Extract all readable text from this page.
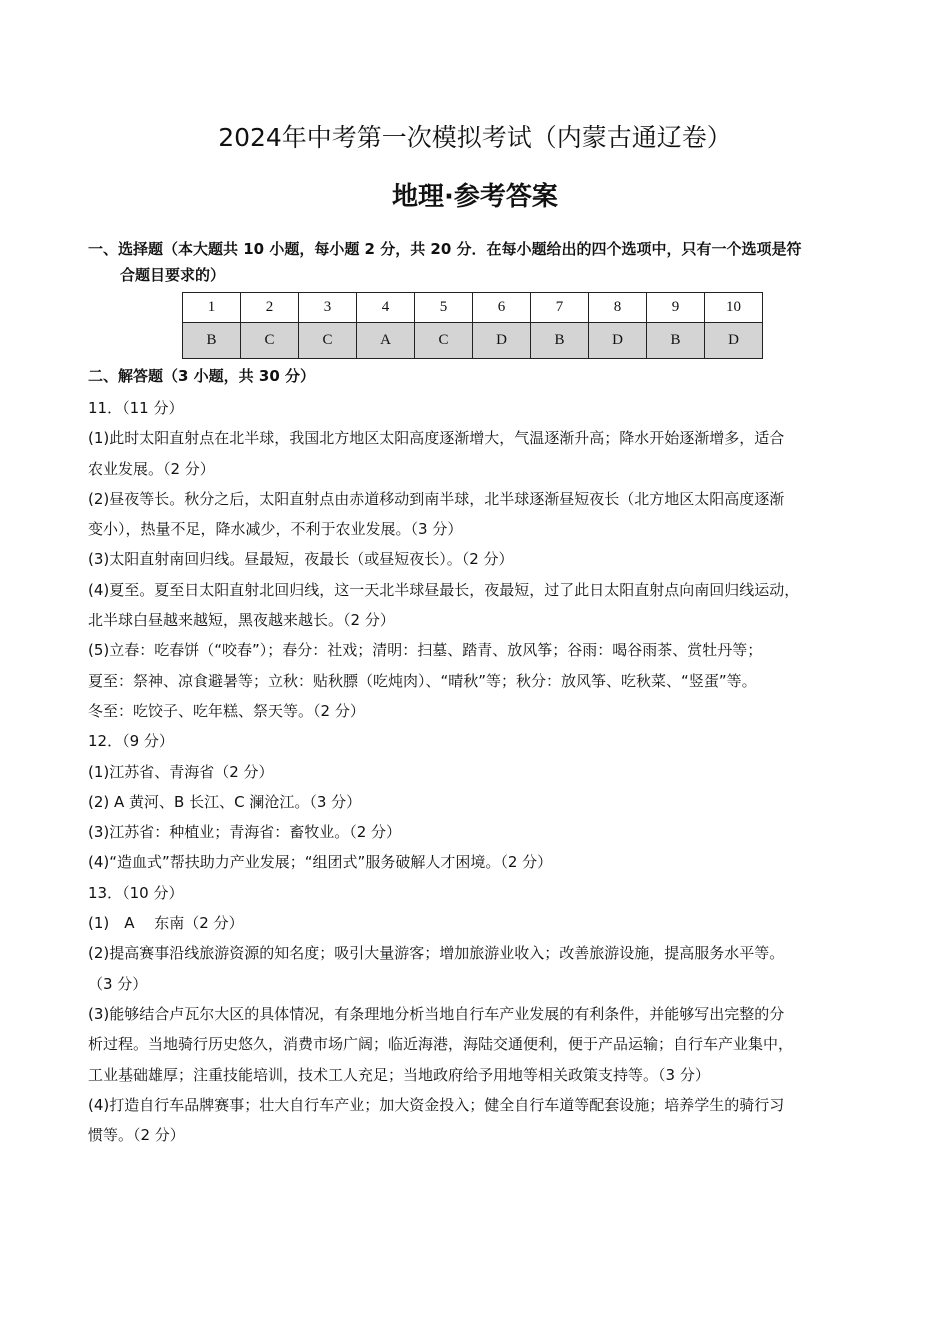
2024年中考第一次模拟考试（内蒙古通辽卷）
地理·参考答案
一、选择题（本大题共 10 小题，每小题 2 分，共 20 分．在每小题给出的四个选项中，只有一个选项是符
合题目要求的）
1	2	3	4	5	6	7	8	9	10
B	C	C	A	C	D	B	D	B	D
二、解答题（3 小题，共 30 分）

11．（11 分）

(1)此时太阳直射点在北半球，我国北方地区太阳高度逐渐增大，气温逐渐升高；降水开始逐渐增多，适合

农业发展。（2 分）

(2)昼夜等长。秋分之后，太阳直射点由赤道移动到南半球，北半球逐渐昼短夜长（北方地区太阳高度逐渐

变小），热量不足，降水减少，不利于农业发展。（3 分）

(3)太阳直射南回归线。昼最短，夜最长（或昼短夜长）。（2 分）

(4)夏至。夏至日太阳直射北回归线，这一天北半球昼最长，夜最短，过了此日太阳直射点向南回归线运动，

北半球白昼越来越短，黑夜越来越长。（2 分）

(5)立春：吃春饼（“咬春”）；春分：社戏；清明：扫墓、踏青、放风筝；谷雨：喝谷雨茶、赏牡丹等；

夏至：祭神、凉食避暑等；立秋：贴秋膘（吃炖肉）、“晴秋”等；秋分：放风筝、吃秋菜、“竖蛋”等。

冬至：吃饺子、吃年糕、祭天等。（2 分）

12．（9 分）

(1)江苏省、青海省（2 分）

(2) A 黄河、B 长江、C 澜沧江。（3 分）

(3)江苏省：种植业；青海省：畜牧业。（2 分）

(4)“造血式”帮扶助力产业发展；“组团式”服务破解人才困境。（2 分）

13．（10 分）

(1)　A　 东南（2 分）

(2)提高赛事沿线旅游资源的知名度；吸引大量游客；增加旅游业收入；改善旅游设施，提高服务水平等。

（3 分）

(3)能够结合卢瓦尔大区的具体情况，有条理地分析当地自行车产业发展的有利条件，并能够写出完整的分

析过程。当地骑行历史悠久，消费市场广阔；临近海港，海陆交通便利，便于产品运输；自行车产业集中，

工业基础雄厚；注重技能培训，技术工人充足；当地政府给予用地等相关政策支持等。（3 分）

(4)打造自行车品牌赛事；壮大自行车产业；加大资金投入；健全自行车道等配套设施；培养学生的骑行习

惯等。（2 分）
